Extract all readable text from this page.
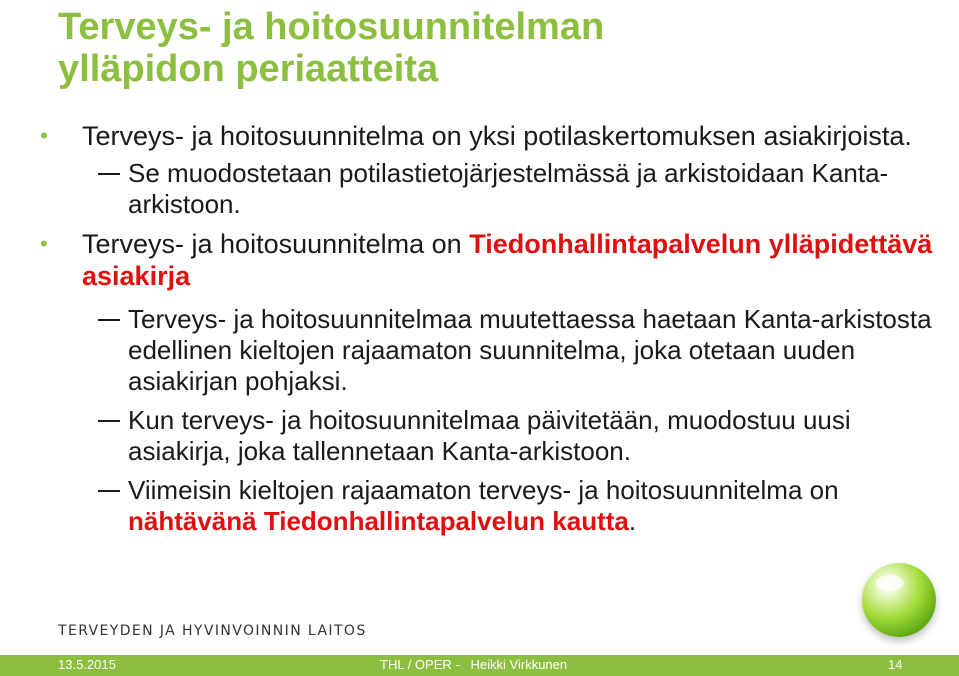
Terveys- ja hoitosuunnitelman
ylläpidon periaatteita

• Terveys- ja hoitosuunnitelma on yksi potilaskertomuksen asiakirjoista.

Se muodostetaan potilastietojärjestelmässä ja arkistoidaan Kanta-arkistoon.

• Terveys- ja hoitosuunnitelma on Tiedonhallintapalvelun ylläpidettävä asiakirja

Terveys- ja hoitosuunnitelmaa muutettaessa haetaan Kanta-arkistosta edellinen kieltojen rajaamaton suunnitelma, joka otetaan uuden asiakirjan pohjaksi.

Kun terveys- ja hoitosuunnitelmaa päivitetään, muodostuu uusi asiakirja, joka tallennetaan Kanta-arkistoon.

Viimeisin kieltojen rajaamaton terveys- ja hoitosuunnitelma on nähtävänä Tiedonhallintapalvelun kautta.

TERVEYDEN JA HYVINVOINNIN LAITOS
13.5.2015	THL / OPER -   Heikki Virkkunen	14
